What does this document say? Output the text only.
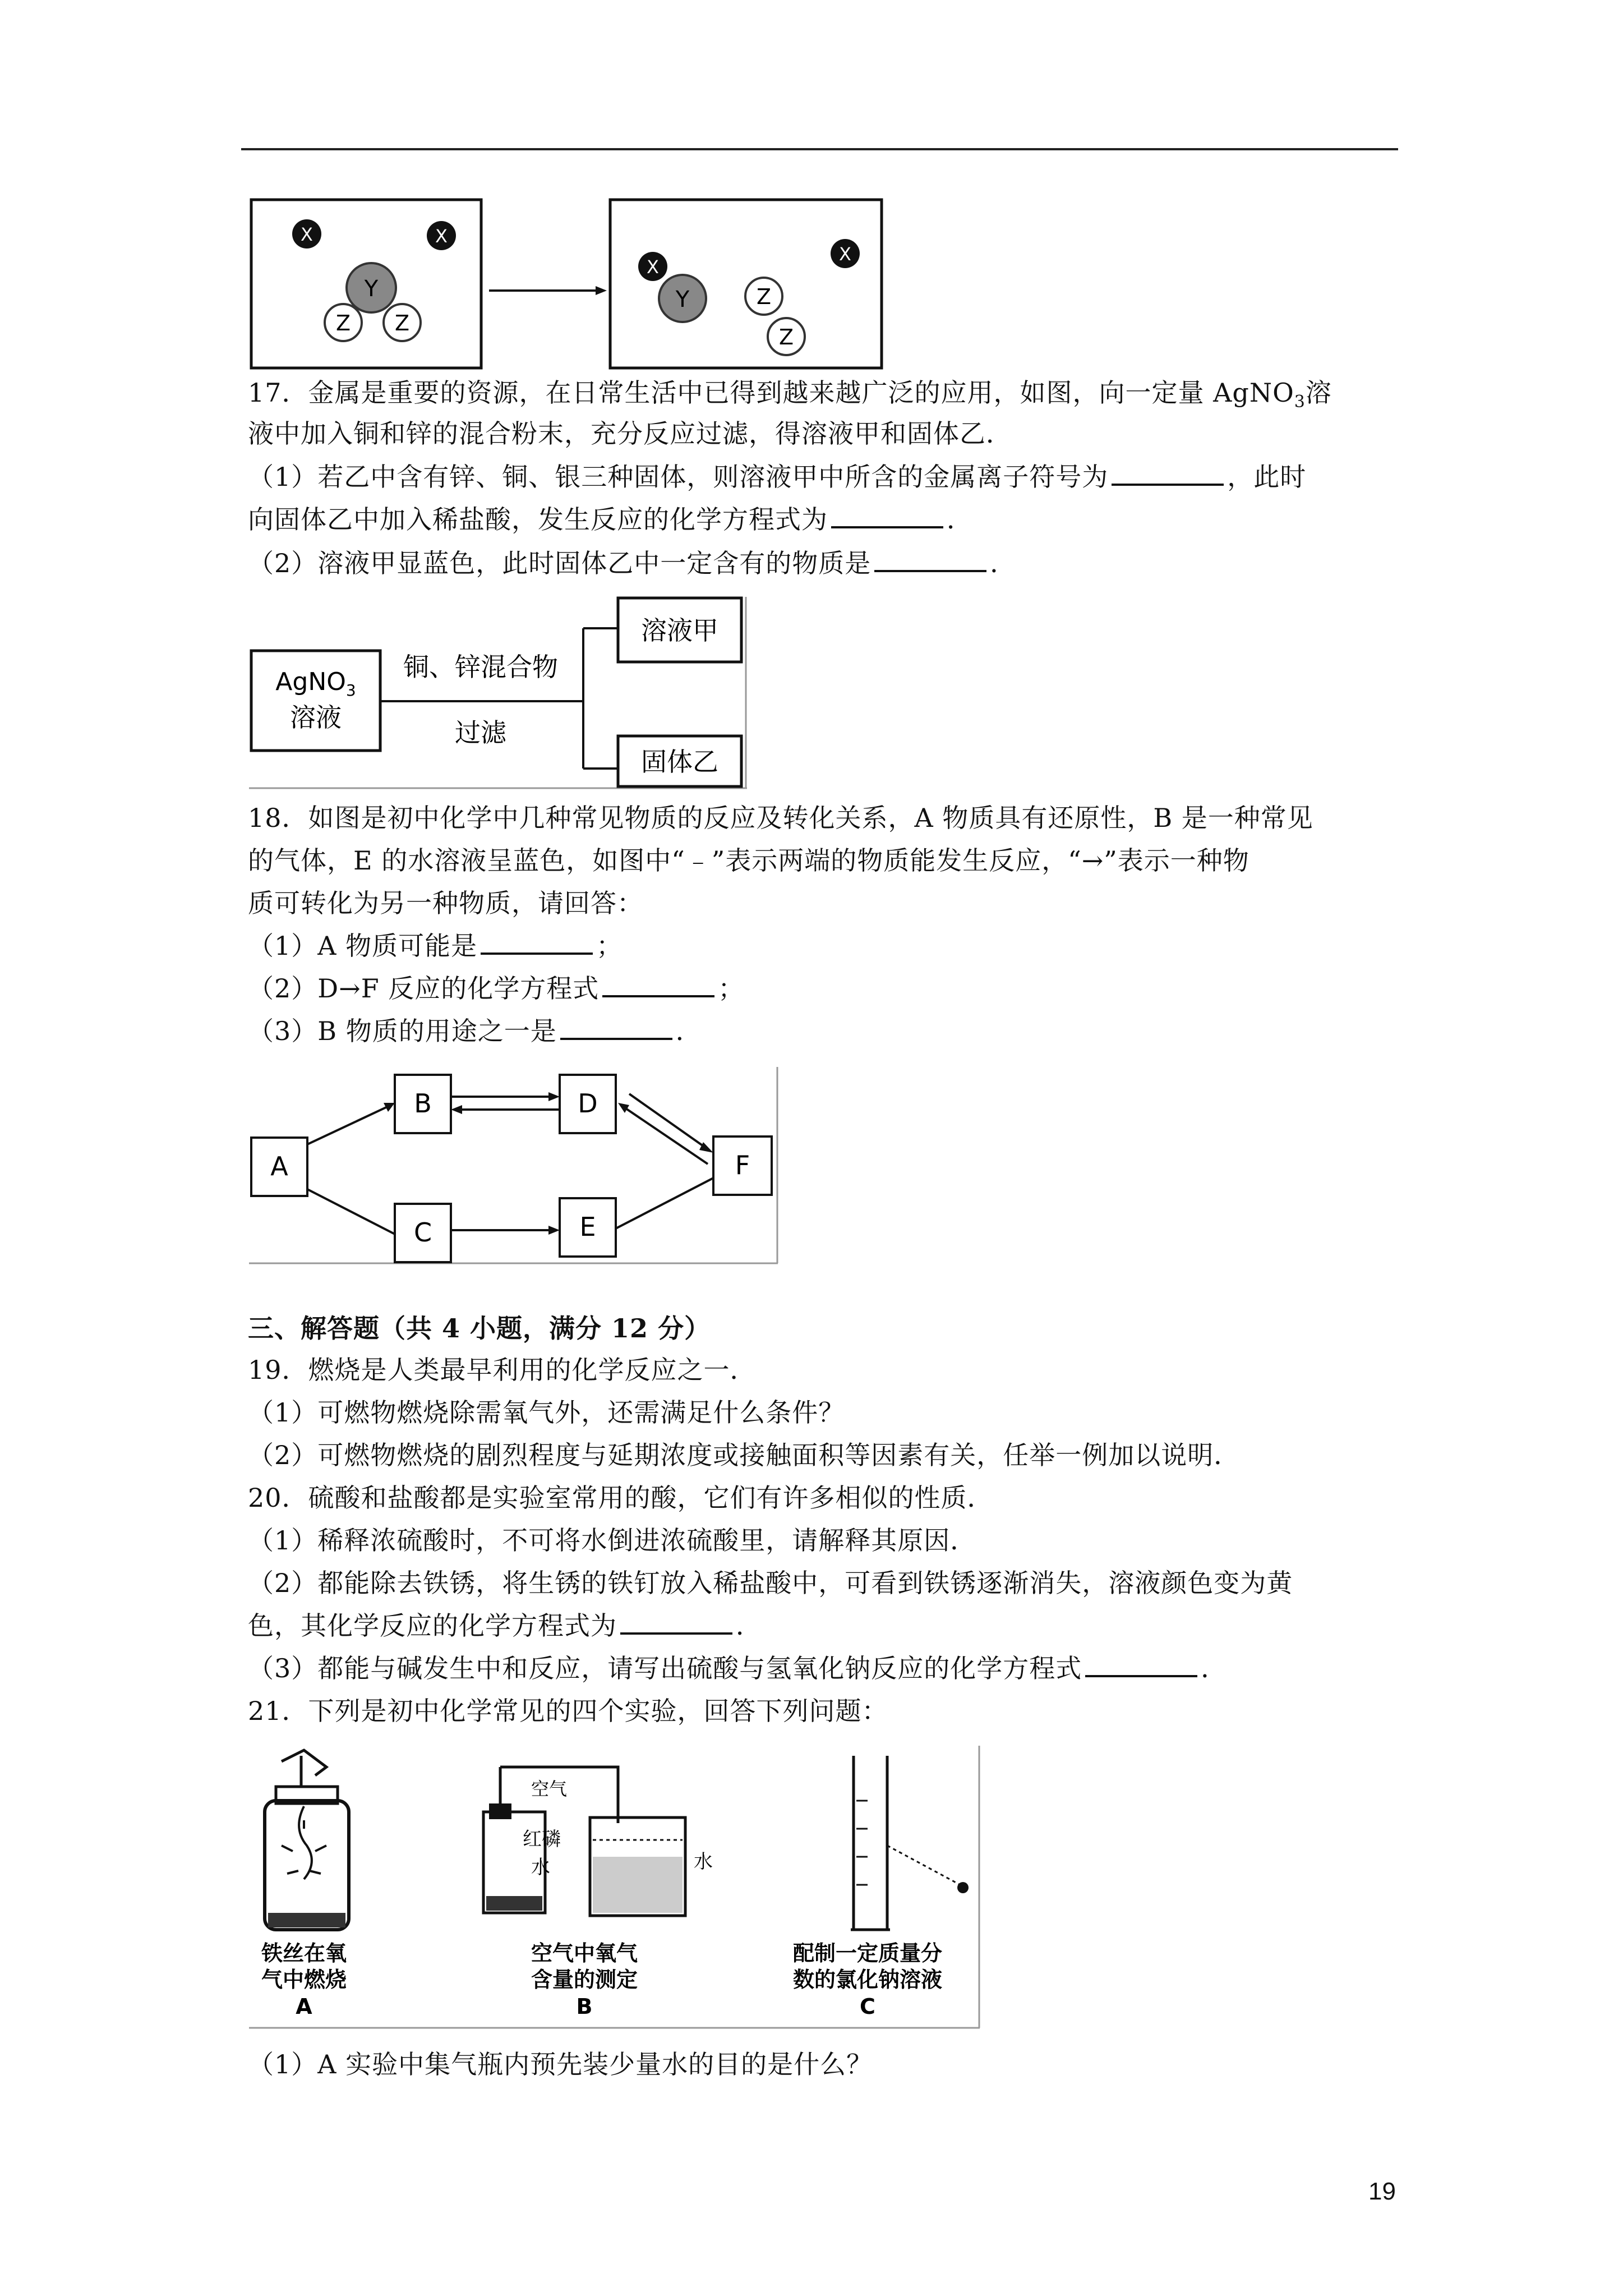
X	X
Y
Z Z
X
Y	Z
Z
X
17．金属是重要的资源，在日常生活中已得到越来越广泛的应用，如图，向一定量 AgNO$_3$溶
液中加入铜和锌的混合粉末，充分反应过滤，得溶液甲和固体乙．
（1）若乙中含有锌、铜、银三种固体，则溶液甲中所含的金属离子符号为	，此时
向固体乙中加入稀盐酸，发生反应的化学方程式为	．
（2）溶液甲显蓝色，此时固体乙中一定含有的物质是	．
AgNO$_3$
溶液
铜、锌混合物
过滤
溶液甲
固体乙
18．如图是初中化学中几种常见物质的反应及转化关系，A 物质具有还原性，B 是一种常见
的气体，E 的水溶液呈蓝色，如图中“﹣”表示两端的物质能发生反应，“→”表示一种物
质可转化为另一种物质，请回答：
（1）A 物质可能是	；
（2）D→F 反应的化学方程式	；
（3）B 物质的用途之一是	．
A
B
C
D
E
F
三、解答题（共 4 小题，满分 12 分）
19．燃烧是人类最早利用的化学反应之一．
（1）可燃物燃烧除需氧气外，还需满足什么条件？
（2）可燃物燃烧的剧烈程度与延期浓度或接触面积等因素有关，任举一例加以说明．
20．硫酸和盐酸都是实验室常用的酸，它们有许多相似的性质．
（1）稀释浓硫酸时，不可将水倒进浓硫酸里，请解释其原因．
（2）都能除去铁锈，将生锈的铁钉放入稀盐酸中，可看到铁锈逐渐消失，溶液颜色变为黄
色，其化学反应的化学方程式为	．
（3）都能与碱发生中和反应，请写出硫酸与氢氧化钠反应的化学方程式	．
21．下列是初中化学常见的四个实验，回答下列问题：
铁丝在氧
气中燃烧
A
空气
红磷
水	水
空气中氧气
含量的测定
B
配制一定质量分
数的氯化钠溶液
C
（1）A 实验中集气瓶内预先装少量水的目的是什么？
19
